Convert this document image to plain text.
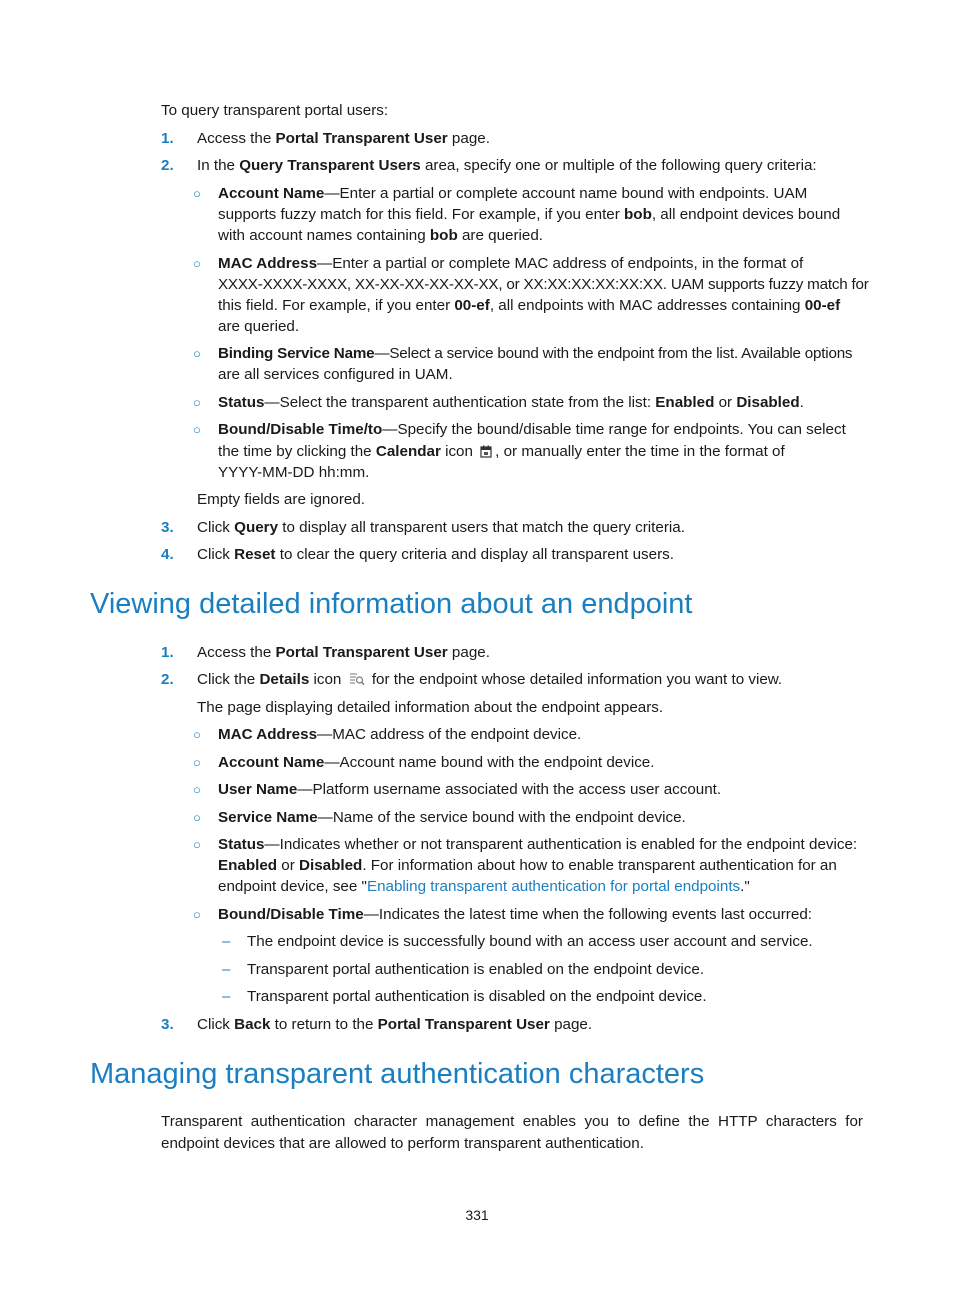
To query transparent portal users:
1. Access the Portal Transparent User page.
2. In the Query Transparent Users area, specify one or multiple of the following query criteria:
○ Account Name—Enter a partial or complete account name bound with endpoints. UAM
supports fuzzy match for this field. For example, if you enter bob, all endpoint devices bound
with account names containing bob are queried.
○ MAC Address—Enter a partial or complete MAC address of endpoints, in the format of
XXXX-XXXX-XXXX, XX-XX-XX-XX-XX-XX, or XX:XX:XX:XX:XX:XX. UAM supports fuzzy match for
this field. For example, if you enter 00-ef, all endpoints with MAC addresses containing 00-ef
are queried.
○ Binding Service Name—Select a service bound with the endpoint from the list. Available options
are all services configured in UAM.
○ Status—Select the transparent authentication state from the list: Enabled or Disabled.
○ Bound/Disable Time/to—Specify the bound/disable time range for endpoints. You can select
the time by clicking the Calendar icon , or manually enter the time in the format of
YYYY-MM-DD hh:mm.
Empty fields are ignored.
3. Click Query to display all transparent users that match the query criteria.
4. Click Reset to clear the query criteria and display all transparent users.
Viewing detailed information about an endpoint
1. Access the Portal Transparent User page.
2. Click the Details icon  for the endpoint whose detailed information you want to view.
The page displaying detailed information about the endpoint appears.
○ MAC Address—MAC address of the endpoint device.
○ Account Name—Account name bound with the endpoint device.
○ User Name—Platform username associated with the access user account.
○ Service Name—Name of the service bound with the endpoint device.
○ Status—Indicates whether or not transparent authentication is enabled for the endpoint device:
Enabled or Disabled. For information about how to enable transparent authentication for an
endpoint device, see "Enabling transparent authentication for portal endpoints."
○ Bound/Disable Time—Indicates the latest time when the following events last occurred:
– The endpoint device is successfully bound with an access user account and service.
– Transparent portal authentication is enabled on the endpoint device.
– Transparent portal authentication is disabled on the endpoint device.
3. Click Back to return to the Portal Transparent User page.
Managing transparent authentication characters
Transparent authentication character management enables you to define the HTTP characters for endpoint devices that are allowed to perform transparent authentication.
331
